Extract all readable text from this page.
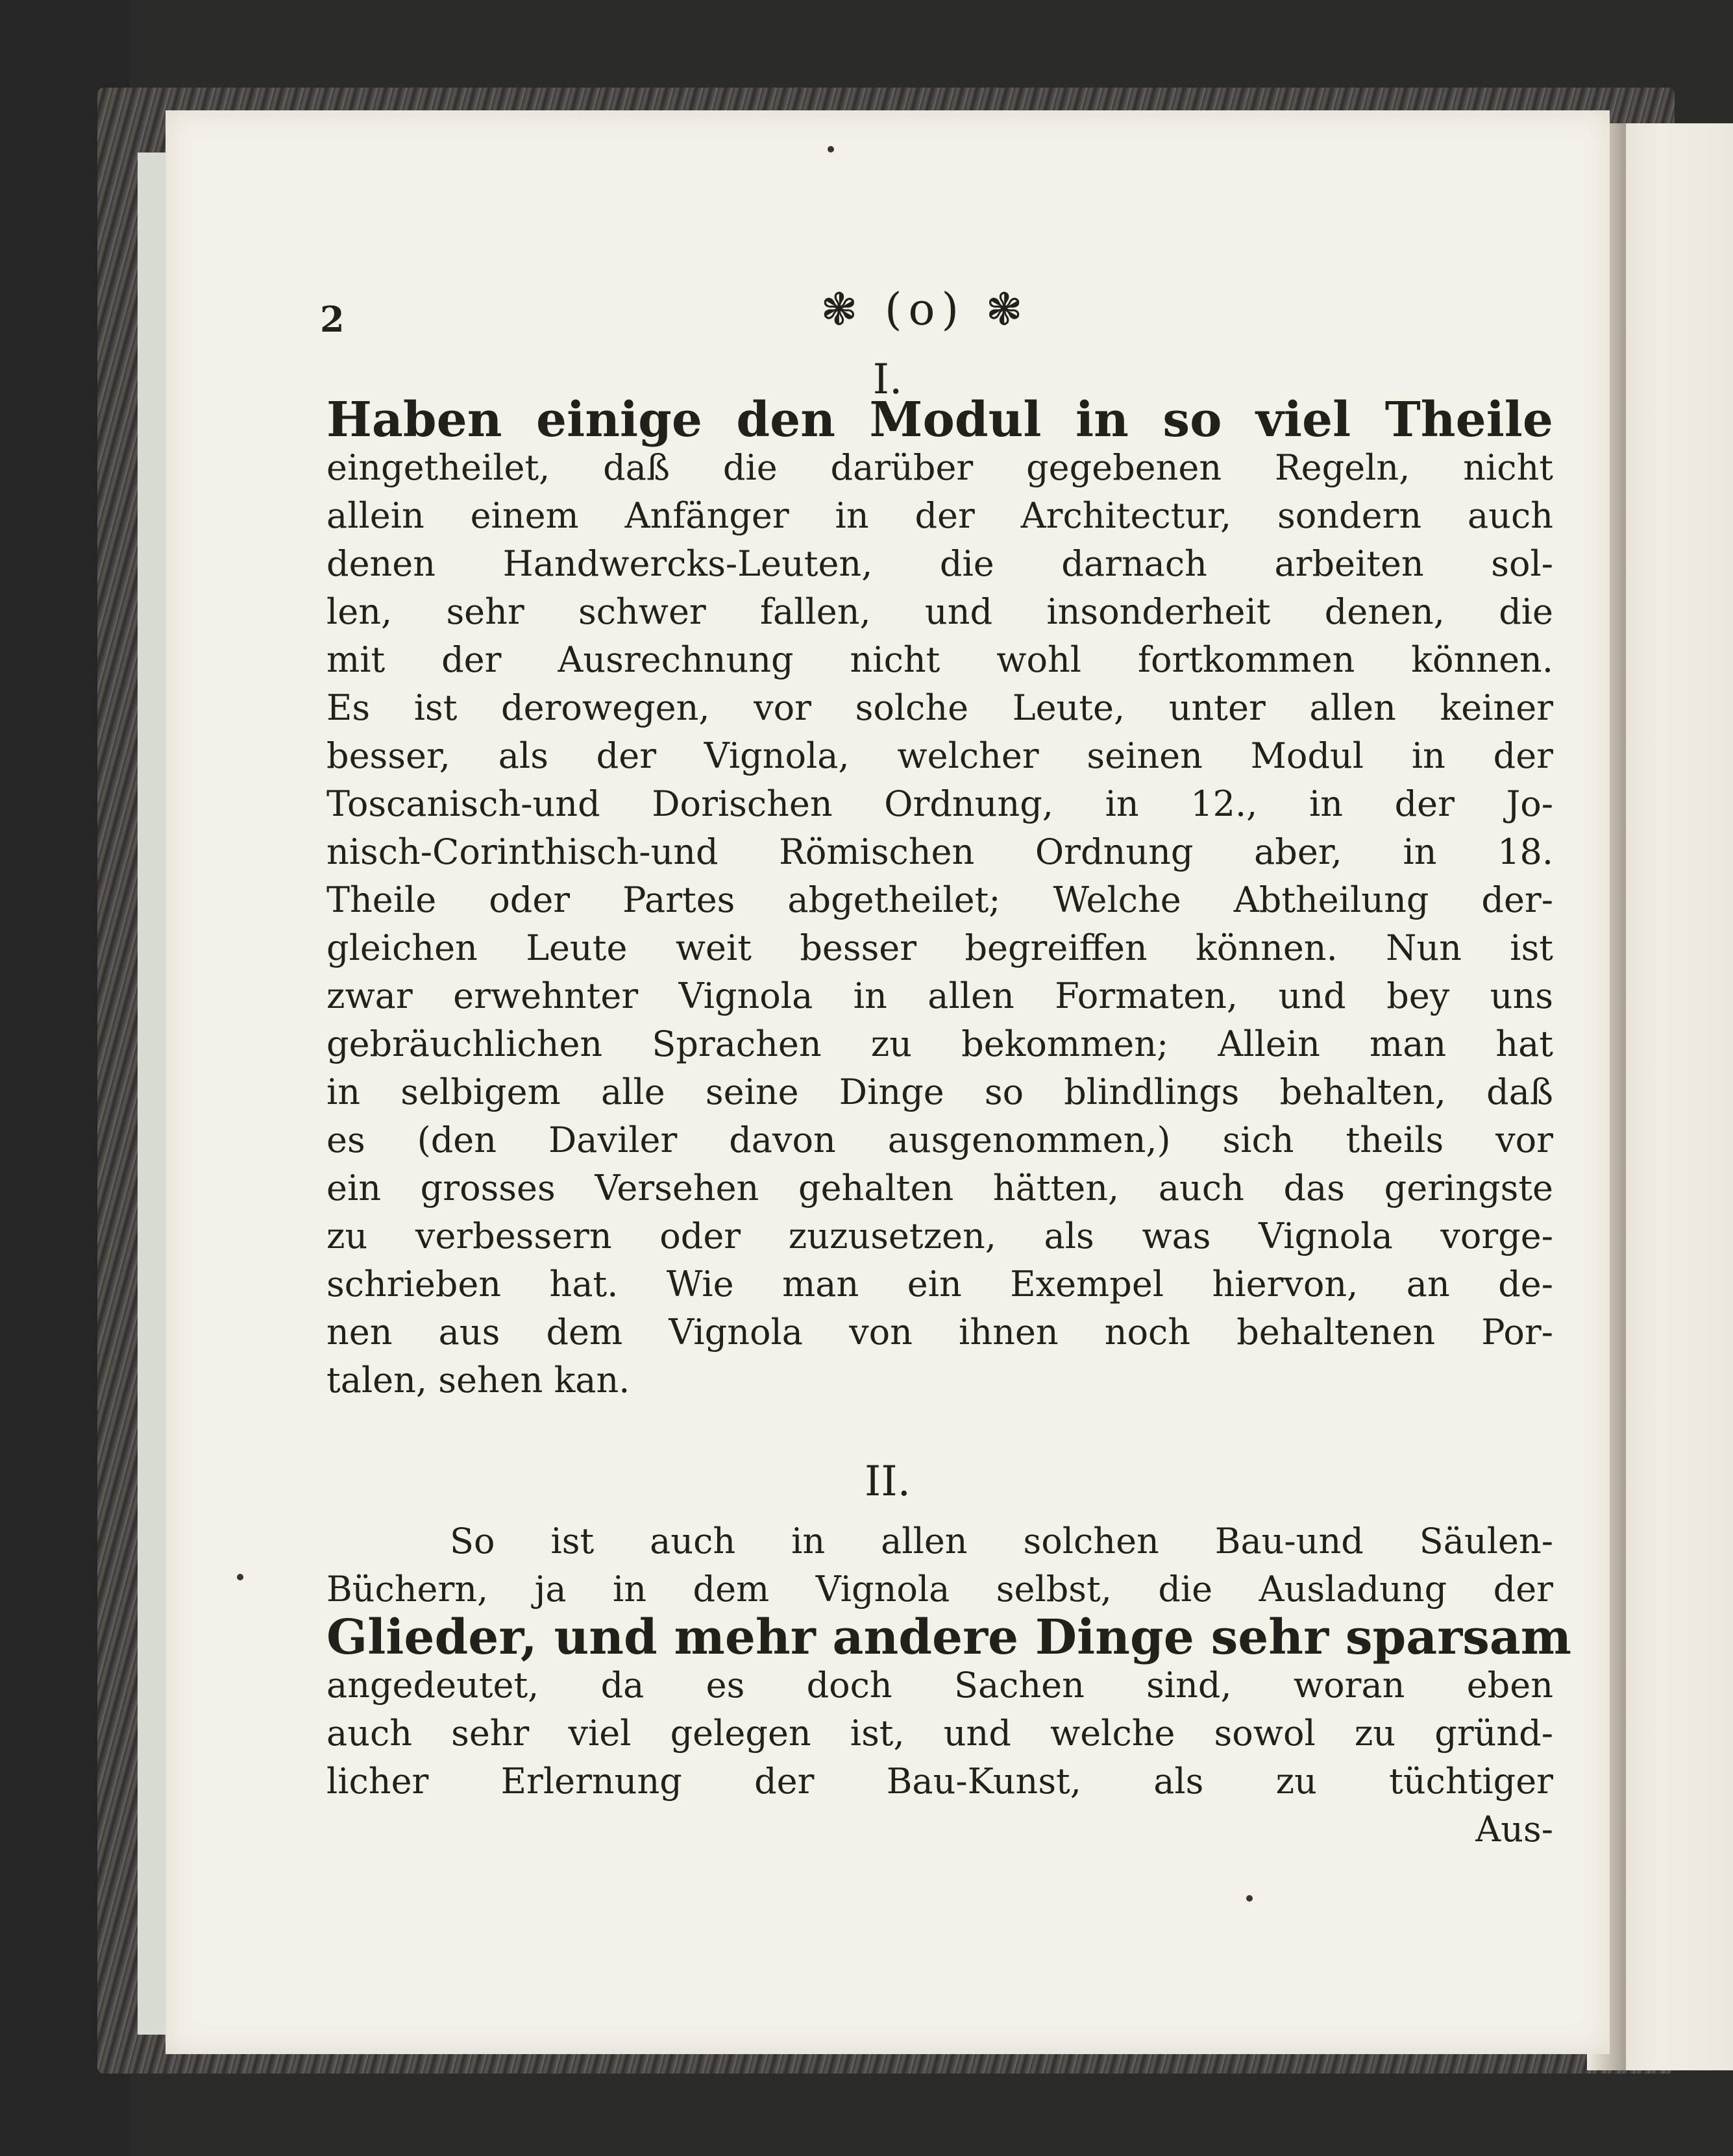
2	❃ (o) ❃
I.
Haben einige den Modul in so viel Theile
eingetheilet, daß die darüber gegebenen Regeln, nicht
allein einem Anfänger in der Architectur, sondern auch
denen Handwercks-Leuten, die darnach arbeiten sol-
len, sehr schwer fallen, und insonderheit denen, die
mit der Ausrechnung nicht wohl fortkommen können.
Es ist derowegen, vor solche Leute, unter allen keiner
besser, als der Vignola, welcher seinen Modul in der
Toscanisch-und Dorischen Ordnung, in 12., in der Jo-
nisch-Corinthisch-und Römischen Ordnung aber, in 18.
Theile oder Partes abgetheilet; Welche Abtheilung der-
gleichen Leute weit besser begreiffen können. Nun ist
zwar erwehnter Vignola in allen Formaten, und bey uns
gebräuchlichen Sprachen zu bekommen; Allein man hat
in selbigem alle seine Dinge so blindlings behalten, daß
es (den Daviler davon ausgenommen,) sich theils vor
ein grosses Versehen gehalten hätten, auch das geringste
zu verbessern oder zuzusetzen, als was Vignola vorge-
schrieben hat. Wie man ein Exempel hiervon, an de-
nen aus dem Vignola von ihnen noch behaltenen Por-
talen, sehen kan.
II.
So ist auch in allen solchen Bau-und Säulen-
Büchern, ja in dem Vignola selbst, die Ausladung der
Glieder, und mehr andere Dinge sehr sparsam
angedeutet, da es doch Sachen sind, woran eben
auch sehr viel gelegen ist, und welche sowol zu gründ-
licher Erlernung der Bau-Kunst, als zu tüchtiger
Aus-
